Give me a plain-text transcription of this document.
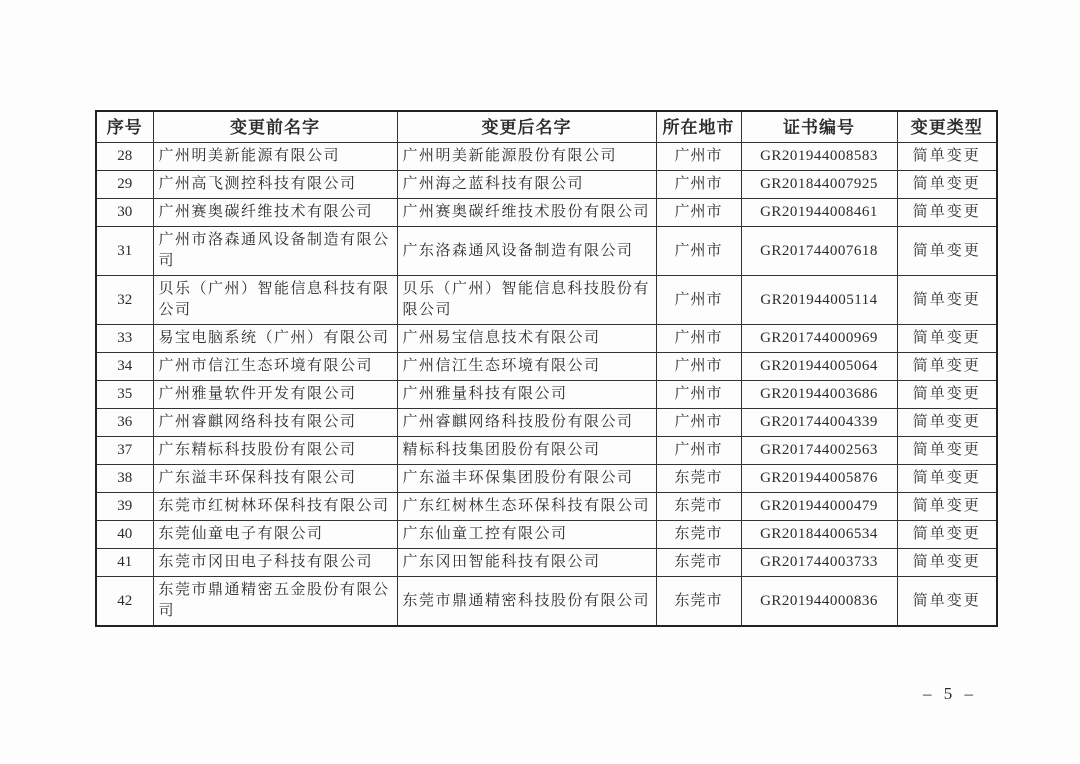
序号	变更前名字	变更后名字	所在地市	证书编号	变更类型
28	广州明美新能源有限公司	广州明美新能源股份有限公司	广州市	GR201944008583	简单变更
29	广州高飞测控科技有限公司	广州海之蓝科技有限公司	广州市	GR201844007925	简单变更
30	广州赛奥碳纤维技术有限公司	广州赛奥碳纤维技术股份有限公司	广州市	GR201944008461	简单变更
31	广州市洛森通风设备制造有限公司	广东洛森通风设备制造有限公司	广州市	GR201744007618	简单变更
32	贝乐（广州）智能信息科技有限公司	贝乐（广州）智能信息科技股份有限公司	广州市	GR201944005114	简单变更
33	易宝电脑系统（广州）有限公司	广州易宝信息技术有限公司	广州市	GR201744000969	简单变更
34	广州市信江生态环境有限公司	广州信江生态环境有限公司	广州市	GR201944005064	简单变更
35	广州雅量软件开发有限公司	广州雅量科技有限公司	广州市	GR201944003686	简单变更
36	广州睿麒网络科技有限公司	广州睿麒网络科技股份有限公司	广州市	GR201744004339	简单变更
37	广东精标科技股份有限公司	精标科技集团股份有限公司	广州市	GR201744002563	简单变更
38	广东溢丰环保科技有限公司	广东溢丰环保集团股份有限公司	东莞市	GR201944005876	简单变更
39	东莞市红树林环保科技有限公司	广东红树林生态环保科技有限公司	东莞市	GR201944000479	简单变更
40	东莞仙童电子有限公司	广东仙童工控有限公司	东莞市	GR201844006534	简单变更
41	东莞市冈田电子科技有限公司	广东冈田智能科技有限公司	东莞市	GR201744003733	简单变更
42	东莞市鼎通精密五金股份有限公司	东莞市鼎通精密科技股份有限公司	东莞市	GR201944000836	简单变更
– 5 –
